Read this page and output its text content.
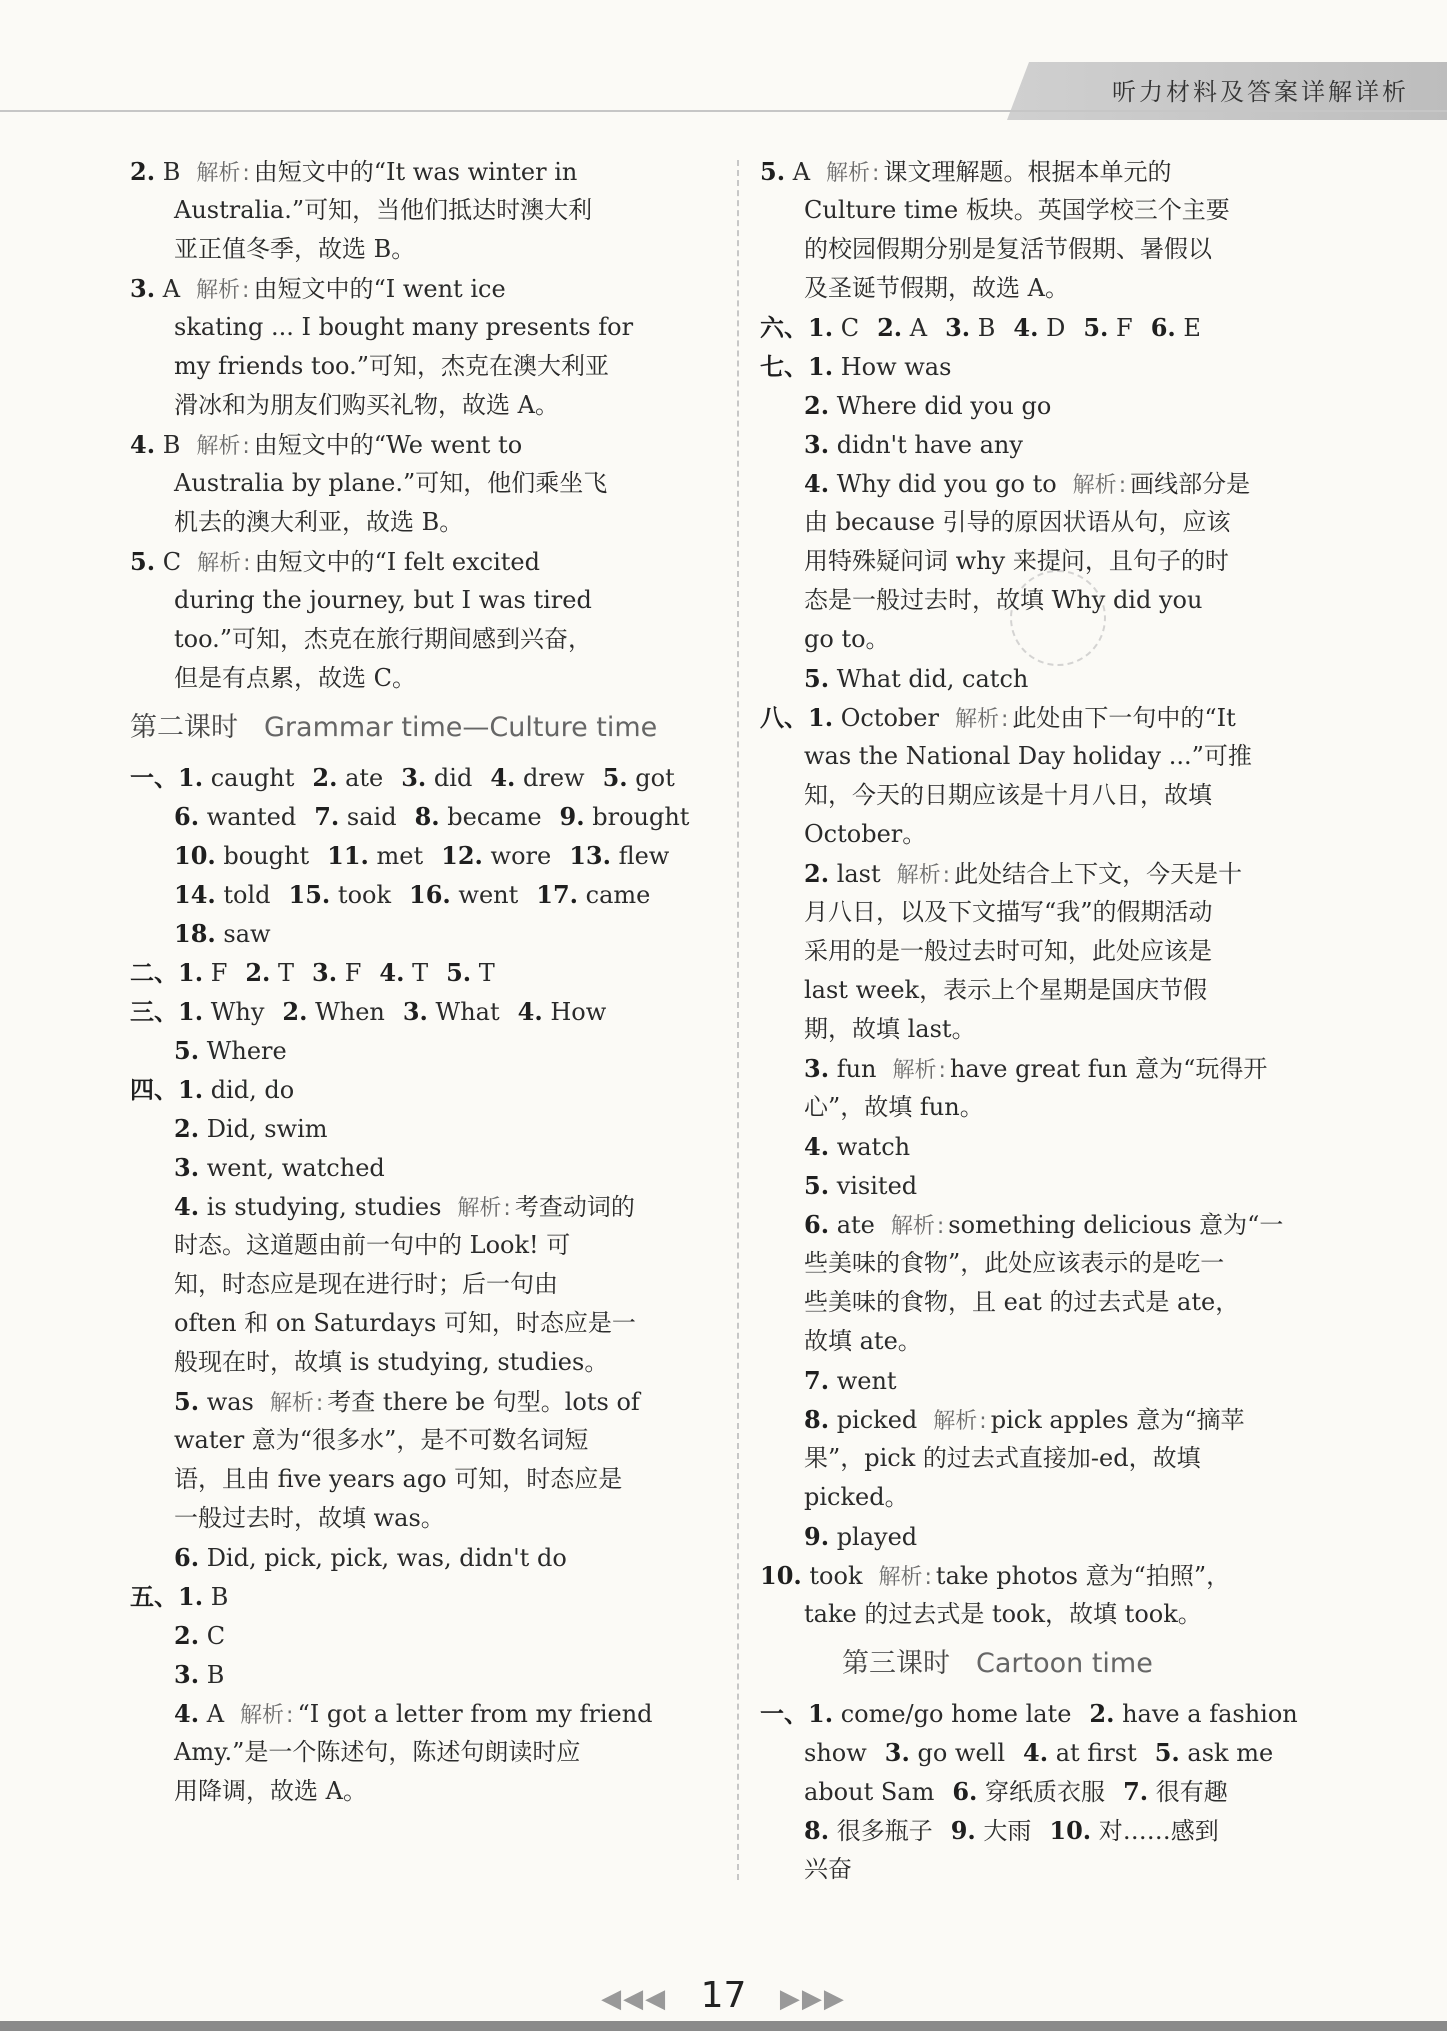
听力材料及答案详解详析
2. B 解析: 由短文中的“It was winter in
Australia.”可知，当他们抵达时澳大利
亚正值冬季，故选 B。
3. A 解析: 由短文中的“I went ice
skating ... I bought many presents for
my friends too.”可知，杰克在澳大利亚
滑冰和为朋友们购买礼物，故选 A。
4. B 解析: 由短文中的“We went to
Australia by plane.”可知，他们乘坐飞
机去的澳大利亚，故选 B。
5. C 解析: 由短文中的“I felt excited
during the journey, but I was tired
too.”可知，杰克在旅行期间感到兴奋，
但是有点累，故选 C。
第二课时 Grammar time—Culture time
一、1. caught 2. ate 3. did 4. drew 5. got
6. wanted 7. said 8. became 9. brought
10. bought 11. met 12. wore 13. flew
14. told 15. took 16. went 17. came
18. saw
二、1. F 2. T 3. F 4. T 5. T
三、1. Why 2. When 3. What 4. How
5. Where
四、1. did, do
2. Did, swim
3. went, watched
4. is studying, studies 解析: 考查动词的
时态。这道题由前一句中的 Look! 可
知，时态应是现在进行时；后一句由
often 和 on Saturdays 可知，时态应是一
般现在时，故填 is studying, studies。
5. was 解析: 考查 there be 句型。lots of
water 意为“很多水”，是不可数名词短
语，且由 five years ago 可知，时态应是
一般过去时，故填 was。
6. Did, pick, pick, was, didn't do
五、1. B
2. C
3. B
4. A 解析: “I got a letter from my friend
Amy.”是一个陈述句，陈述句朗读时应
用降调，故选 A。
5. A 解析: 课文理解题。根据本单元的
Culture time 板块。英国学校三个主要
的校园假期分别是复活节假期、暑假以
及圣诞节假期，故选 A。
六、1. C 2. A 3. B 4. D 5. F 6. E
七、1. How was
2. Where did you go
3. didn't have any
4. Why did you go to 解析: 画线部分是
由 because 引导的原因状语从句，应该
用特殊疑问词 why 来提问，且句子的时
态是一般过去时，故填 Why did you
go to。
5. What did, catch
八、1. October 解析: 此处由下一句中的“It
was the National Day holiday ...”可推
知，今天的日期应该是十月八日，故填
October。
2. last 解析: 此处结合上下文，今天是十
月八日，以及下文描写“我”的假期活动
采用的是一般过去时可知，此处应该是
last week，表示上个星期是国庆节假
期，故填 last。
3. fun 解析: have great fun 意为“玩得开
心”，故填 fun。
4. watch
5. visited
6. ate 解析: something delicious 意为“一
些美味的食物”，此处应该表示的是吃一
些美味的食物，且 eat 的过去式是 ate，
故填 ate。
7. went
8. picked 解析: pick apples 意为“摘苹
果”，pick 的过去式直接加-ed，故填
picked。
9. played
10. took 解析: take photos 意为“拍照”，
take 的过去式是 took，故填 took。
第三课时 Cartoon time
一、1. come/go home late 2. have a fashion
show 3. go well 4. at first 5. ask me
about Sam 6. 穿纸质衣服 7. 很有趣
8. 很多瓶子 9. 大雨 10. 对……感到
兴奋
◀◀◀ 17 ▶▶▶
